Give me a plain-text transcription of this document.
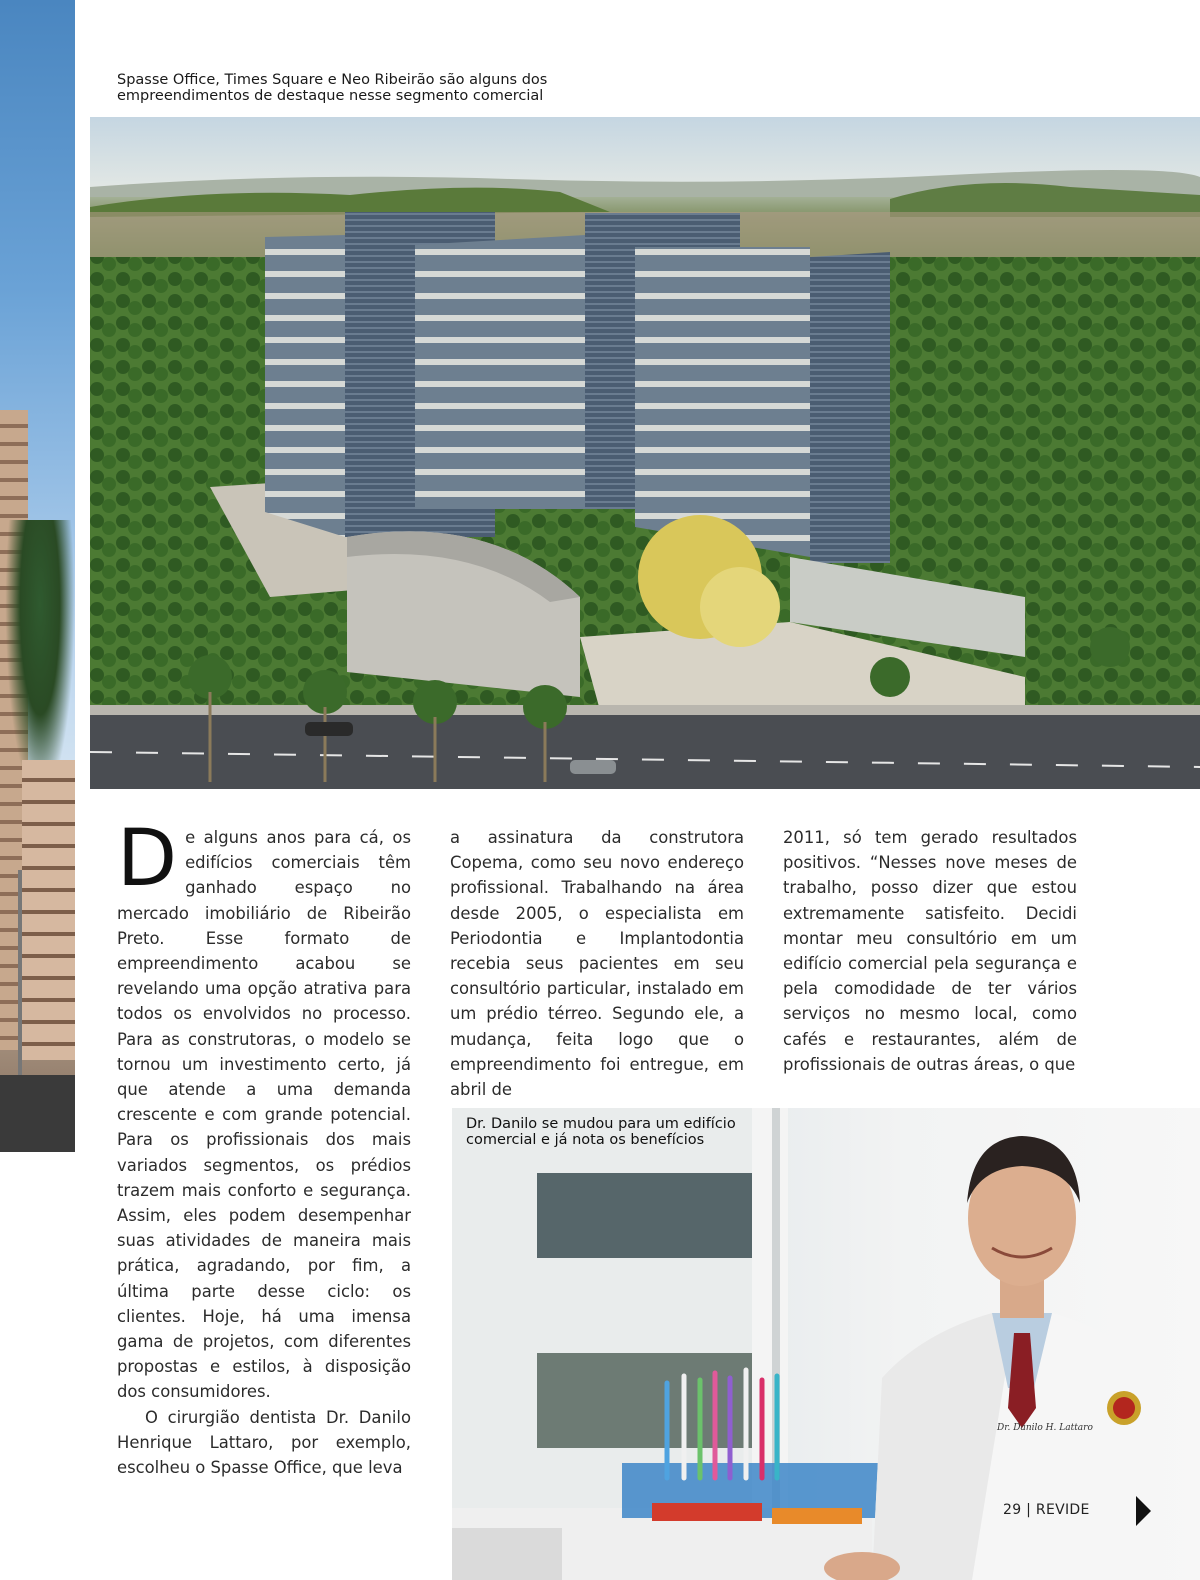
Spasse Office, Times Square e Neo Ribeirão são alguns dos
empreendimentos de destaque nesse segmento comercial

De alguns anos para cá, os edifícios comerciais têm ganhado espaço no mercado imobiliário de Ribeirão Preto. Esse formato de empreendimento acabou se revelando uma opção atrativa para todos os envolvidos no processo. Para as construtoras, o modelo se tornou um investimento certo, já que atende a uma demanda crescente e com grande potencial. Para os profissionais dos mais variados segmentos, os prédios trazem mais conforto e segurança. Assim, eles podem desempenhar suas atividades de maneira mais prática, agradando, por fim, a última parte desse ciclo: os clientes. Hoje, há uma imensa gama de projetos, com diferentes propostas e estilos, à disposição dos consumidores.

O cirurgião dentista Dr. Danilo Henrique Lattaro, por exemplo, escolheu o Spasse Office, que leva

a assinatura da construtora Copema, como seu novo endereço profissional. Trabalhando na área desde 2005, o especialista em Periodontia e Implantodontia recebia seus pacientes em seu consultório particular, instalado em um prédio térreo. Segundo ele, a mudança, feita logo que o empreendimento foi entregue, em abril de

2011, só tem gerado resultados positivos. “Nesses nove meses de trabalho, posso dizer que estou extremamente satisfeito. Decidi montar meu consultório em um edifício comercial pela segurança e pela comodidade de ter vários serviços no mesmo local, como cafés e restaurantes, além de profissionais de outras áreas, o que

Dr. Danilo H. Lattaro

Dr. Danilo se mudou para um edifício
comercial e já nota os benefícios

29 | REVIDE
